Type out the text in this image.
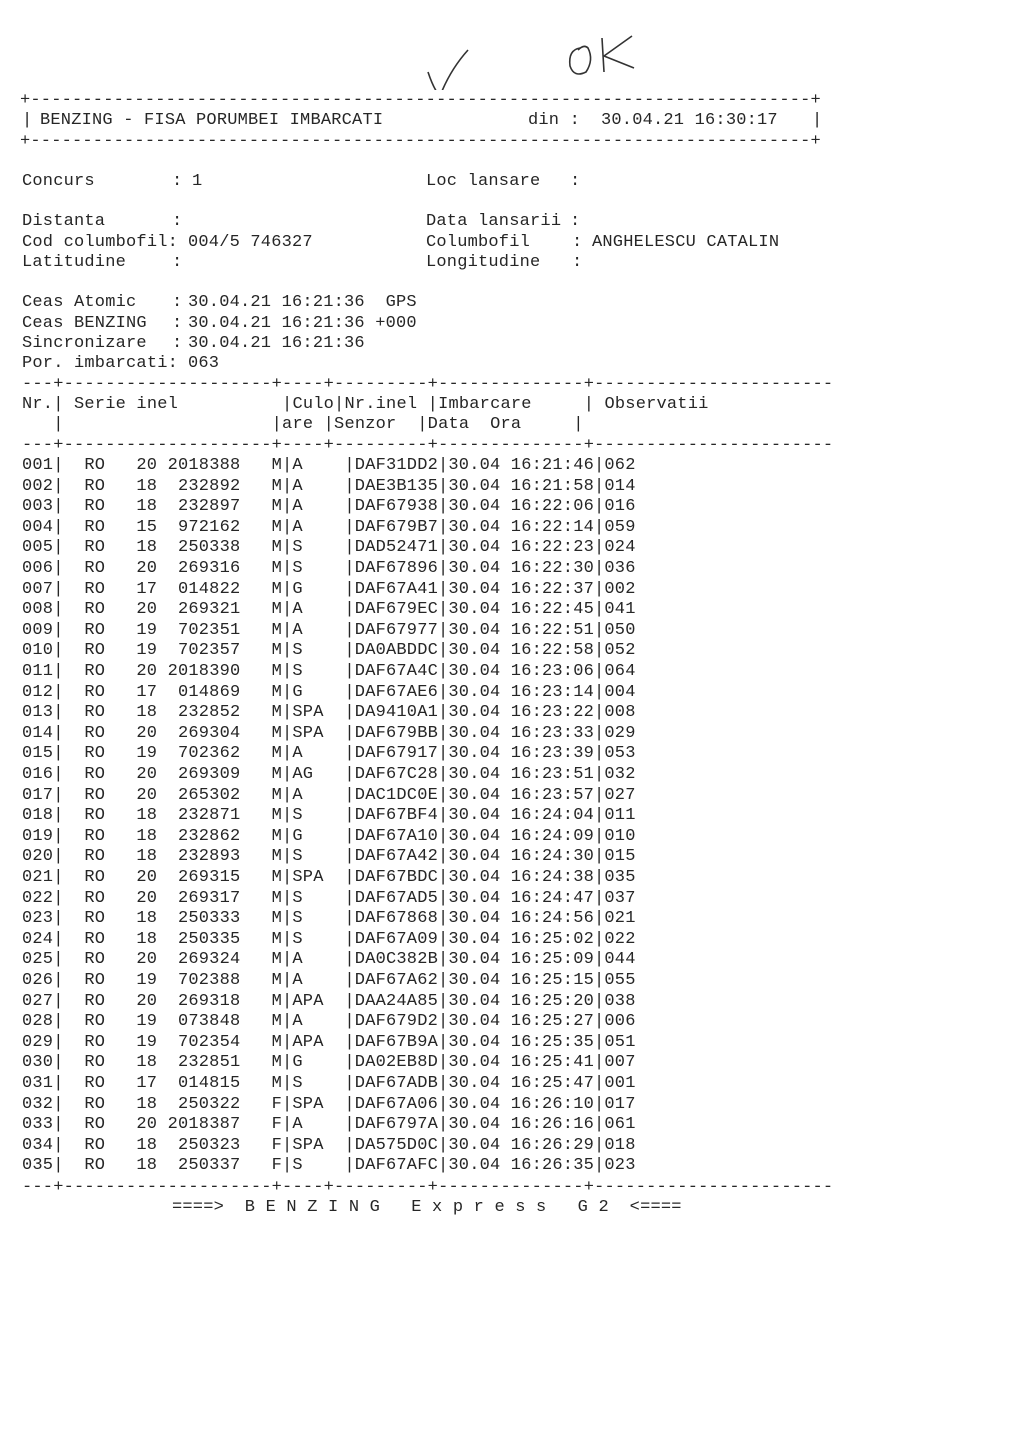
+---------------------------------------------------------------------------+
| BENZING - FISA PORUMBEI IMBARCATI	din : 30.04.21 16:30:17 |
+---------------------------------------------------------------------------+
Concurs	: 1	Loc lansare :
Distanta	:	Data lansarii :
Cod columbofil: 004/5 746327	Columbofil : ANGHELESCU CATALIN
Latitudine	:	Longitudine :
Ceas Atomic : 30.04.21 16:21:36  GPS
Ceas BENZING : 30.04.21 16:21:36 +000
Sincronizare : 30.04.21 16:21:36
Por. imbarcati: 063
---+--------------------+----+---------+--------------+-----------------------
Nr.| Serie inel          |Culo|Nr.inel |Imbarcare     | Observatii
|                    |are |Senzor  |Data  Ora     |
---+--------------------+----+---------+--------------+-----------------------
001 | RO 20 2018388 M | A	| DAF31DD2 | 30.04 16:21:46 | 062
002 | RO 18	232892 M | A	| DAE3B135 | 30.04 16:21:58 | 014
003 | RO 18	232897 M | A	| DAF67938 | 30.04 16:22:06 | 016
004 | RO 15	972162 M | A	| DAF679B7 | 30.04 16:22:14 | 059
005 | RO 18	250338 M | S	| DAD52471 | 30.04 16:22:23 | 024
006 | RO 20	269316 M | S	| DAF67896 | 30.04 16:22:30 | 036
007 | RO 17	014822 M | G	| DAF67A41 | 30.04 16:22:37 | 002
008 | RO 20	269321 M | A	| DAF679EC | 30.04 16:22:45 | 041
009 | RO 19	702351 M | A	| DAF67977 | 30.04 16:22:51 | 050
010 | RO 19	702357 M | S	| DA0ABDDC | 30.04 16:22:58 | 052
011 | RO 20 2018390 M | S	| DAF67A4C | 30.04 16:23:06 | 064
012 | RO 17	014869 M | G	| DAF67AE6 | 30.04 16:23:14 | 004
013 | RO 18	232852 M | SPA	| DA9410A1 | 30.04 16:23:22 | 008
014 | RO 20	269304 M | SPA	| DAF679BB | 30.04 16:23:33 | 029
015 | RO 19	702362 M | A	| DAF67917 | 30.04 16:23:39 | 053
016 | RO 20	269309 M | AG	| DAF67C28 | 30.04 16:23:51 | 032
017 | RO 20	265302 M | A	| DAC1DC0E | 30.04 16:23:57 | 027
018 | RO 18	232871 M | S	| DAF67BF4 | 30.04 16:24:04 | 011
019 | RO 18	232862 M | G	| DAF67A10 | 30.04 16:24:09 | 010
020 | RO 18	232893 M | S	| DAF67A42 | 30.04 16:24:30 | 015
021 | RO 20	269315 M | SPA	| DAF67BDC | 30.04 16:24:38 | 035
022 | RO 20	269317 M | S	| DAF67AD5 | 30.04 16:24:47 | 037
023 | RO 18	250333 M | S	| DAF67868 | 30.04 16:24:56 | 021
024 | RO 18	250335 M | S	| DAF67A09 | 30.04 16:25:02 | 022
025 | RO 20	269324 M | A	| DA0C382B | 30.04 16:25:09 | 044
026 | RO 19	702388 M | A	| DAF67A62 | 30.04 16:25:15 | 055
027 | RO 20	269318 M | APA	| DAA24A85 | 30.04 16:25:20 | 038
028 | RO 19	073848 M | A	| DAF679D2 | 30.04 16:25:27 | 006
029 | RO 19	702354 M | APA	| DAF67B9A | 30.04 16:25:35 | 051
030 | RO 18	232851 M | G	| DA02EB8D | 30.04 16:25:41 | 007
031 | RO 17	014815 M | S	| DAF67ADB | 30.04 16:25:47 | 001
032 | RO 18	250322 F | SPA	| DAF67A06 | 30.04 16:26:10 | 017
033 | RO 20 2018387 F | A	| DAF6797A | 30.04 16:26:16 | 061
034 | RO 18	250323 F | SPA	| DA575D0C | 30.04 16:26:29 | 018
035 | RO 18	250337 F | S	| DAF67AFC | 30.04 16:26:35 | 023
---+--------------------+----+---------+--------------+-----------------------
====>  B E N Z I N G   E x p r e s s   G 2  <====
